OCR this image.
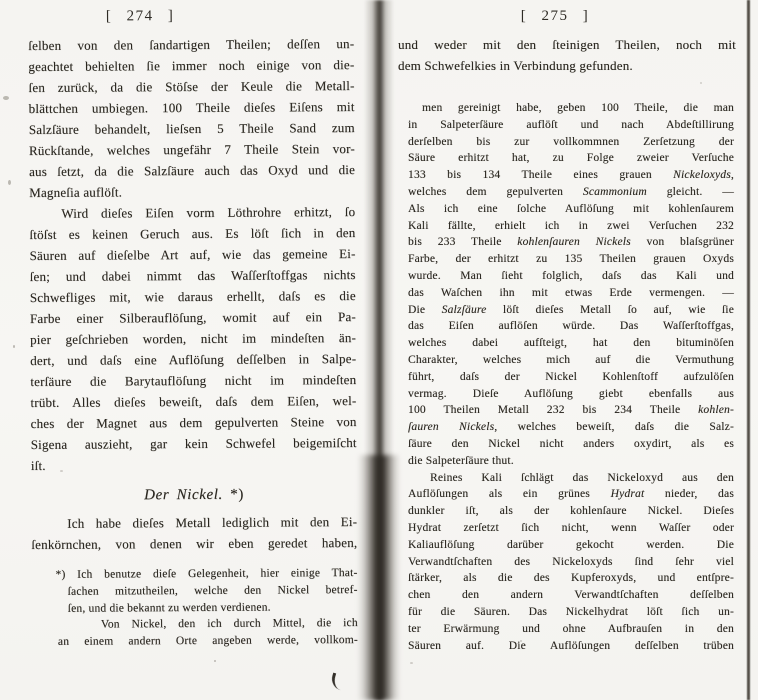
[ 274 ]
ſelben von den ſandartigen Theilen; deſſen un-
geachtet behielten ſie immer noch einige von die-
ſen zurück, da die Stöſse der Keule die Metall-
blättchen umbiegen. 100 Theile dieſes Eiſens mit
Salzſäure behandelt, lieſsen 5 Theile Sand zum
Rückſtande, welches ungefähr 7 Theile Stein vor-
aus ſetzt, da die Salzſäure auch das Oxyd und die
Magneſia auflöſt.
Wird dieſes Eiſen vorm Löthrohre erhitzt, ſo
ſtöſst es keinen Geruch aus. Es löſt ſich in den
Säuren auf dieſelbe Art auf, wie das gemeine Ei-
ſen; und dabei nimmt das Waſſerſtoffgas nichts
Schwefliges mit, wie daraus erhellt, daſs es die
Farbe einer Silberauflöſung, womit auf ein Pa-
pier geſchrieben worden, nicht im mindeſten än-
dert, und daſs eine Auflöſung deſſelben in Salpe-
terſäure die Barytauflöſung nicht im mindeſten
trübt. Alles dieſes beweiſt, daſs dem Eiſen, wel-
ches der Magnet aus dem gepulverten Steine von
Sigena auszieht, gar kein Schwefel beigemiſcht
iſt.
Der Nickel. *)
Ich habe dieſes Metall lediglich mit den Ei-
ſenkörnchen, von denen wir eben geredet haben,
*) Ich benutze dieſe Gelegenheit, hier einige That-
ſachen mitzutheilen, welche den Nickel betref-
ſen, und die bekannt zu werden verdienen.
Von Nickel, den ich durch Mittel, die ich
an einem andern Orte angeben werde, vollkom-
[ 275 ]
und weder mit den ſteinigen Theilen, noch mit
dem Schwefelkies in Verbindung gefunden.
men gereinigt habe, geben 100 Theile, die man
in Salpeterſäure auflöſt und nach Abdeſtillirung
derſelben bis zur vollkommnen Zerſetzung der
Säure erhitzt hat, zu Folge zweier Verſuche
133 bis 134 Theile eines grauen Nickeloxyds,
welches dem gepulverten Scammonium gleicht. —
Als ich eine ſolche Auflöſung mit kohlenſaurem
Kali fällte, erhielt ich in zwei Verſuchen 232
bis 233 Theile kohlenſauren Nickels von blaſsgrüner
Farbe, der erhitzt zu 135 Theilen grauen Oxyds
wurde. Man ſieht folglich, daſs das Kali und
das Waſchen ihn mit etwas Erde vermengen. —
Die Salzſäure löſt dieſes Metall ſo auf, wie ſie
das Eiſen auflöſen würde. Das Waſſerſtoffgas,
welches dabei aufſteigt, hat den bituminöſen
Charakter, welches mich auf die Vermuthung
führt, daſs der Nickel Kohlenſtoff aufzulöſen
vermag. Dieſe Auflöſung giebt ebenfalls aus
100 Theilen Metall 232 bis 234 Theile kohlen-
ſauren Nickels, welches beweiſt, daſs die Salz-
ſäure den Nickel nicht anders oxydirt, als es
die Salpeterſäure thut.
Reines Kali ſchlägt das Nickeloxyd aus den
Auflöſungen als ein grünes Hydrat nieder, das
dunkler iſt, als der kohlenſaure Nickel. Dieſes
Hydrat zerſetzt ſich nicht, wenn Waſſer oder
Kaliauflöſung darüber gekocht werden. Die
Verwandtſchaften des Nickeloxyds ſind ſehr viel
ſtärker, als die des Kupferoxyds, und entſpre-
chen den andern Verwandtſchaften deſſelben
für die Säuren. Das Nickelhydrat löſt ſich un-
ter Erwärmung und ohne Aufbrauſen in den
Säuren auf. Die Auflöſungen deſſelben trüben
